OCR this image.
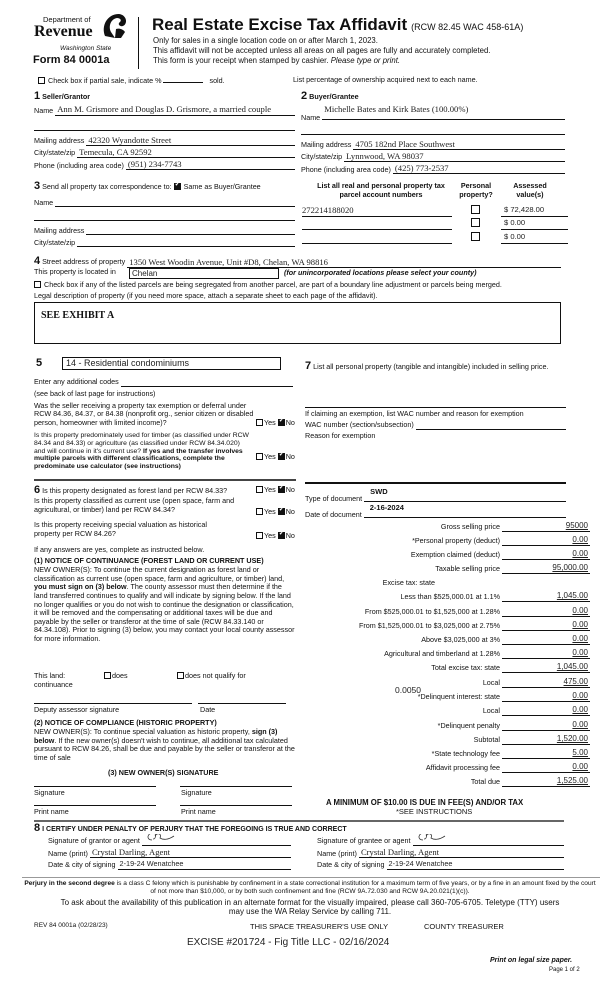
Department of
Revenue
Washington State
Form 84 0001a
Real Estate Excise Tax Affidavit (RCW 82.45 WAC 458-61A)
Only for sales in a single location code on or after March 1, 2023.
This affidavit will not be accepted unless all areas on all pages are fully and accurately completed.
This form is your receipt when stamped by cashier. Please type or print.
Check box if partial sale, indicate %	sold.	List percentage of ownership acquired next to each name.
1 Seller/Grantor
Name Ann M. Grismore and Douglas D. Grismore, a married couple
Mailing address 42320 Wyandotte Street
City/state/zip Temecula, CA 92592
Phone (including area code) (951) 234-7743
3 Send all property tax correspondence to: ✓ Same as Buyer/Grantee
Name
Mailing address
City/state/zip
2 Buyer/Grantee
Name
Michelle Bates and Kirk Bates (100.00%)
Mailing address 4705 182nd Place Southwest
City/state/zip Lynnwood, WA 98037
Phone (including area code) (425) 773-2537
List all real and personal property tax parcel account numbers
Personal property?
Assessed value(s)
272214188020	$ 72,428.00
$ 0.00
$ 0.00
4 Street address of property 1350 West Woodin Avenue, Unit #D8, Chelan, WA 98816
This property is located in	Chelan	(for unincorporated locations please select your county)
Check box if any of the listed parcels are being segregated from another parcel, are part of a boundary line adjustment or parcels being merged.
Legal description of property (if you need more space, attach a separate sheet to each page of the affidavit).
SEE EXHIBIT A
5	14 - Residential condominiums
Enter any additional codes
(see back of last page for instructions)
Was the seller receiving a property tax exemption or deferral under RCW 84.36, 84.37, or 84.38 (nonprofit org., senior citizen or disabled person, homeowner with limited income)?	Yes ✓ No
Is this property predominately used for timber (as classified under RCW 84.34 and 84.33) or agriculture (as classified under RCW 84.34.020) and will continue in it's current use? If yes and the transfer involves multiple parcels with different classifications, complete the predominate use calculator (see instructions)
Yes ✓ No
7 List all personal property (tangible and intangible) included in selling price.
If claiming an exemption, list WAC number and reason for exemption
WAC number (section/subsection)
Reason for exemption
Type of document
SWD
Date of document
2-16-2024
Gross selling price	95000
*Personal property (deduct)	0.00
Exemption claimed (deduct)	0.00
Taxable selling price	95,000.00
Excise tax: state
Less than $525,000.01 at 1.1%	1,045.00
From $525,000.01 to $1,525,000 at 1.28%	0.00
From $1,525,000.01 to $3,025,000 at 2.75%	0.00
Above $3,025,000 at 3%	0.00
Agricultural and timberland at 1.28%	0.00
Total excise tax: state	1,045.00
Local	475.00
*Delinquent interest: state	0.00
Local	0.00
*Delinquent penalty	0.00
Subtotal	1,520.00
*State technology fee	5.00
Affidavit processing fee	0.00
Total due	1,525.00
0.0050
A MINIMUM OF $10.00 IS DUE IN FEE(S) AND/OR TAX
*SEE INSTRUCTIONS
6 Is this property designated as forest land per RCW 84.33?	Yes ✓ No
Is this property classified as current use (open space, farm and agricultural, or timber) land per RCW 84.34?	Yes ✓ No
Is this property receiving special valuation as historical property per RCW 84.26?	Yes ✓ No
If any answers are yes, complete as instructed below.
(1) NOTICE OF CONTINUANCE (FOREST LAND OR CURRENT USE)
NEW OWNER(S): To continue the current designation as forest land or classification as current use (open space, farm and agriculture, or timber) land, you must sign on (3) below. The county assessor must then determine if the land transferred continues to qualify and will indicate by signing below. If the land no longer qualifies or you do not wish to continue the designation or classification, it will be removed and the compensating or additional taxes will be due and payable by the seller or transferor at the time of sale (RCW 84.33.140 or 84.34.108). Prior to signing (3) below, you may contact your local county assessor for more information.
This land:	does	does not qualify for
continuance
Deputy assessor signature	Date
(2) NOTICE OF COMPLIANCE (HISTORIC PROPERTY)
NEW OWNER(S): To continue special valuation as historic property, sign (3) below. If the new owner(s) doesn't wish to continue, all additional tax calculated pursuant to RCW 84.26, shall be due and payable by the seller or transferor at the time of sale
(3) NEW OWNER(S) SIGNATURE
Signature	Signature
Print name	Print name
8 I CERTIFY UNDER PENALTY OF PERJURY THAT THE FOREGOING IS TRUE AND CORRECT
Signature of grantor or agent	Signature of grantee or agent
Name (print) Crystal Darling, Agent	Name (print) Crystal Darling, Agent
Date & city of signing 2-19-24 Wenatchee	Date & city of signing 2-19-24 Wenatchee
Perjury in the second degree is a class C felony which is punishable by confinement in a state correctional institution for a maximum term of five years, or by a fine in an amount fixed by the court of not more than $10,000, or by both such confinement and fine (RCW 9A.72.030 and RCW 9A.20.021(1)(c)).
To ask about the availability of this publication in an alternate format for the visually impaired, please call 360-705-6705. Teletype (TTY) users may use the WA Relay Service by calling 711.
REV 84 0001a (02/28/23)	THIS SPACE TREASURER'S USE ONLY	COUNTY TREASURER
EXCISE #201724 - Fig Title LLC - 02/16/2024
Print on legal size paper.
Page 1 of 2
